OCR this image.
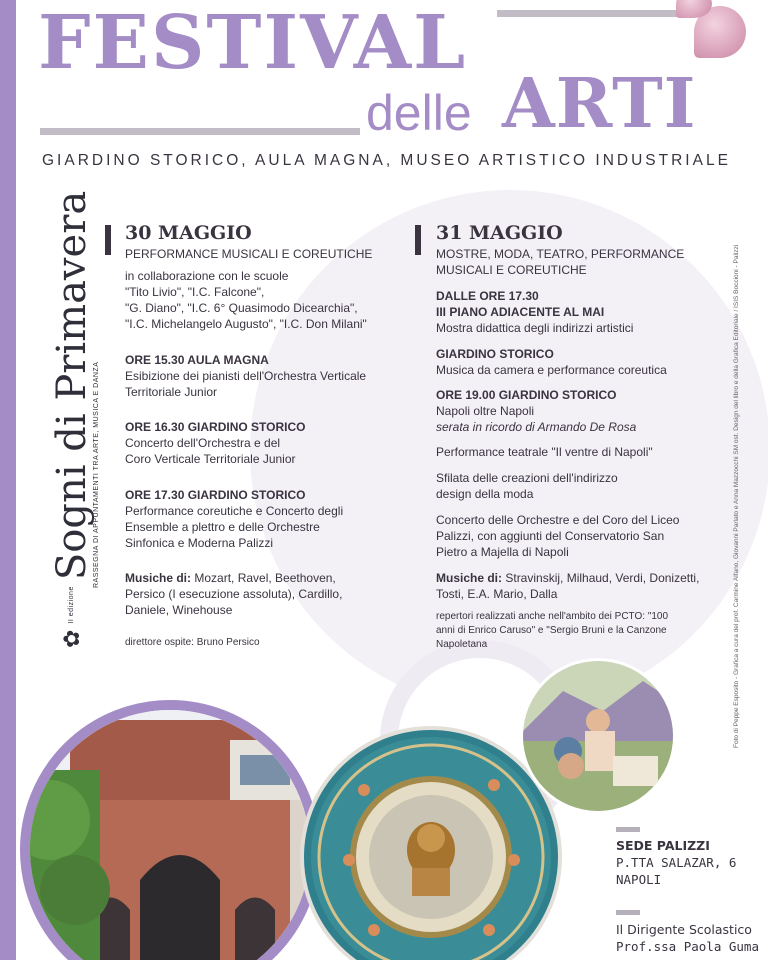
FESTIVAL
delle ARTI
GIARDINO STORICO, AULA MAGNA, MUSEO ARTISTICO INDUSTRIALE
30 MAGGIO
PERFORMANCE MUSICALI E COREUTICHE
in collaborazione con le scuole
"Tito Livio", "I.C. Falcone",
"G. Diano", "I.C. 6° Quasimodo Dicearchia",
"I.C. Michelangelo Augusto", "I.C. Don Milani"
ORE 15.30 AULA MAGNA
Esibizione dei pianisti dell'Orchestra Verticale
Territoriale Junior
ORE 16.30 GIARDINO STORICO
Concerto dell'Orchestra e del
Coro Verticale Territoriale Junior
ORE 17.30 GIARDINO STORICO
Performance coreutiche e Concerto degli
Ensemble a plettro e delle Orchestre
Sinfonica e Moderna Palizzi
Musiche di: Mozart, Ravel, Beethoven,
Persico (I esecuzione assoluta), Cardillo,
Daniele, Winehouse
direttore ospite: Bruno Persico
31 MAGGIO
MOSTRE, MODA, TEATRO, PERFORMANCE
MUSICALI E COREUTICHE
DALLE ORE 17.30
III PIANO ADIACENTE AL MAI
Mostra didattica degli indirizzi artistici
GIARDINO STORICO
Musica da camera e performance coreutica
ORE 19.00 GIARDINO STORICO
Napoli oltre Napoli
serata in ricordo di Armando De Rosa
Performance teatrale "Il ventre di Napoli"
Sfilata delle creazioni dell'indirizzo
design della moda
Concerto delle Orchestre e del Coro del Liceo
Palizzi, con aggiunti del Conservatorio San
Pietro a Majella di Napoli
Musiche di: Stravinskij, Milhaud, Verdi, Donizetti,
Tosti, E.A. Mario, Dalla
repertori realizzati anche nell'ambito dei PCTO: "100
anni di Enrico Caruso" e "Sergio Bruni e la Canzone
Napoletana
✿
II edizione
Sogni di Primavera
RASSEGNA DI APPUNTAMENTI TRA ARTE, MUSICA E DANZA	Foto di Peppe Esposito - Grafica a cura dei prof. Carmine Alfano, Giovanni Parlato e Anna Mazzocchi SM ost. Design del libro e della Grafica Editoriale / ISIS Boccioni - Palizzi
SEDE PALIZZI
P.TTA SALAZAR, 6
NAPOLI
Il Dirigente Scolastico
Prof.ssa Paola Guma
